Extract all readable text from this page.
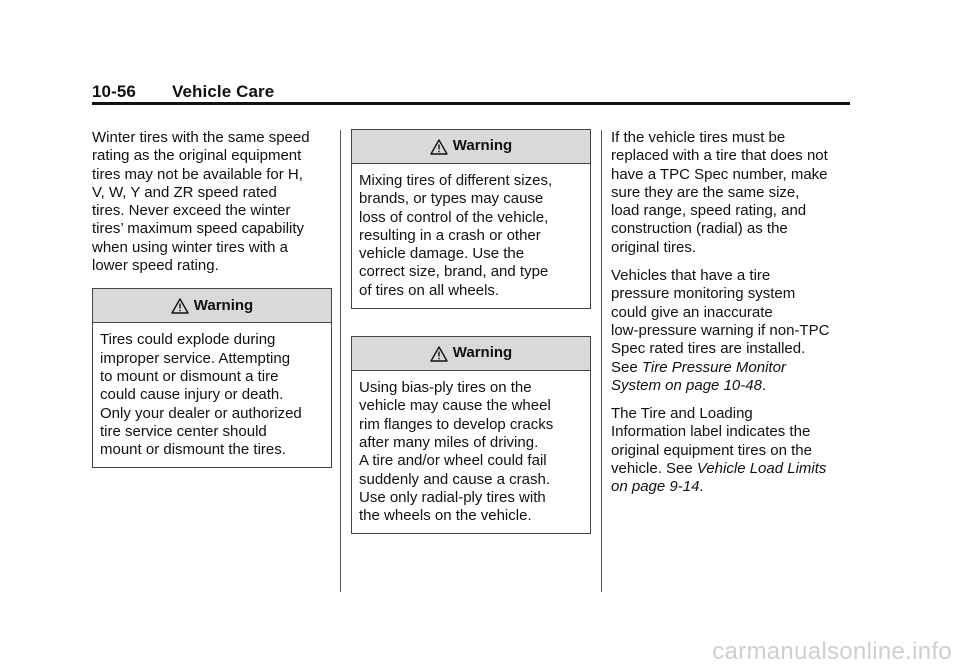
10-56 Vehicle Care

Winter tires with the same speed
rating as the original equipment
tires may not be available for H,
V, W, Y and ZR speed rated
tires. Never exceed the winter
tires’ maximum speed capability
when using winter tires with a
lower speed rating.

Warning
Tires could explode during
improper service. Attempting
to mount or dismount a tire
could cause injury or death.
Only your dealer or authorized
tire service center should
mount or dismount the tires.
Warning
Mixing tires of different sizes,
brands, or types may cause
loss of control of the vehicle,
resulting in a crash or other
vehicle damage. Use the
correct size, brand, and type
of tires on all wheels.
Warning
Using bias-ply tires on the
vehicle may cause the wheel
rim flanges to develop cracks
after many miles of driving.
A tire and/or wheel could fail
suddenly and cause a crash.
Use only radial-ply tires with
the wheels on the vehicle.

If the vehicle tires must be
replaced with a tire that does not
have a TPC Spec number, make
sure they are the same size,
load range, speed rating, and
construction (radial) as the
original tires.

Vehicles that have a tire
pressure monitoring system
could give an inaccurate
low-pressure warning if non-TPC
Spec rated tires are installed.
See Tire Pressure Monitor
System on page 10-48.

The Tire and Loading
Information label indicates the
original equipment tires on the
vehicle. See Vehicle Load Limits
on page 9-14.

carmanualsonline.info
